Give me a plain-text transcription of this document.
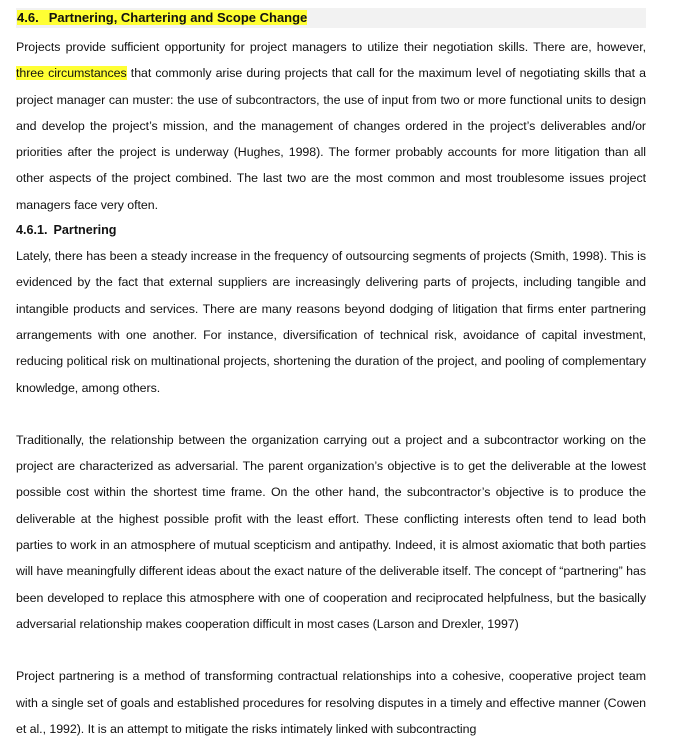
4.6. Partnering, Chartering and Scope Change

Projects provide sufficient opportunity for project managers to utilize their negotiation skills. There are, however, three circumstances that commonly arise during projects that call for the maximum level of negotiating skills that a project manager can muster: the use of subcontractors, the use of input from two or more functional units to design and develop the project’s mission, and the management of changes ordered in the project’s deliverables and/or priorities after the project is underway (Hughes, 1998). The former probably accounts for more litigation than all other aspects of the project combined. The last two are the most common and most troublesome issues project managers face very often.

4.6.1. Partnering

Lately, there has been a steady increase in the frequency of outsourcing segments of projects (Smith, 1998). This is evidenced by the fact that external suppliers are increasingly delivering parts of projects, including tangible and intangible products and services. There are many reasons beyond dodging of litigation that firms enter partnering arrangements with one another. For instance, diversification of technical risk, avoidance of capital investment, reducing political risk on multinational projects, shortening the duration of the project, and pooling of complementary knowledge, among others.

Traditionally, the relationship between the organization carrying out a project and a subcontractor working on the project are characterized as adversarial. The parent organization’s objective is to get the deliverable at the lowest possible cost within the shortest time frame. On the other hand, the subcontractor’s objective is to produce the deliverable at the highest possible profit with the least effort. These conflicting interests often tend to lead both parties to work in an atmosphere of mutual scepticism and antipathy. Indeed, it is almost axiomatic that both parties will have meaningfully different ideas about the exact nature of the deliverable itself. The concept of “partnering” has been developed to replace this atmosphere with one of cooperation and reciprocated helpfulness, but the basically adversarial relationship makes cooperation difficult in most cases (Larson and Drexler, 1997)

Project partnering is a method of transforming contractual relationships into a cohesive, cooperative project team with a single set of goals and established procedures for resolving disputes in a timely and effective manner (Cowen et al., 1992). It is an attempt to mitigate the risks intimately linked with subcontracting
